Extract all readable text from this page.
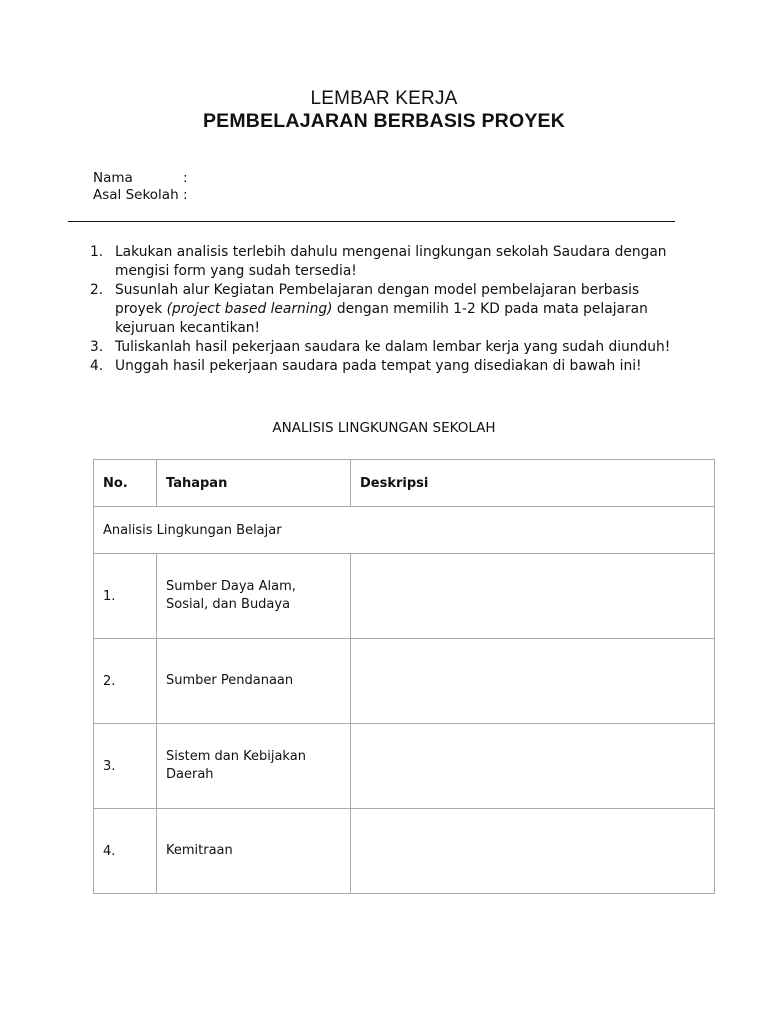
LEMBAR KERJA
PEMBELAJARAN BERBASIS PROYEK
Nama	:
Asal Sekolah :
1. Lakukan analisis terlebih dahulu mengenai lingkungan sekolah Saudara dengan mengisi form yang sudah tersedia!
2. Susunlah alur Kegiatan Pembelajaran dengan model pembelajaran berbasis proyek (project based learning) dengan memilih 1-2 KD pada mata pelajaran kejuruan kecantikan!
3. Tuliskanlah hasil pekerjaan saudara ke dalam lembar kerja yang sudah diunduh!
4. Unggah hasil pekerjaan saudara pada tempat yang disediakan di bawah ini!
ANALISIS LINGKUNGAN SEKOLAH
No.	Tahapan	Deskripsi
Analisis Lingkungan Belajar		
1.	Sumber Daya Alam, Sosial, dan Budaya	
2.	Sumber Pendanaan	
3.	Sistem dan Kebijakan Daerah	
4.	Kemitraan	
